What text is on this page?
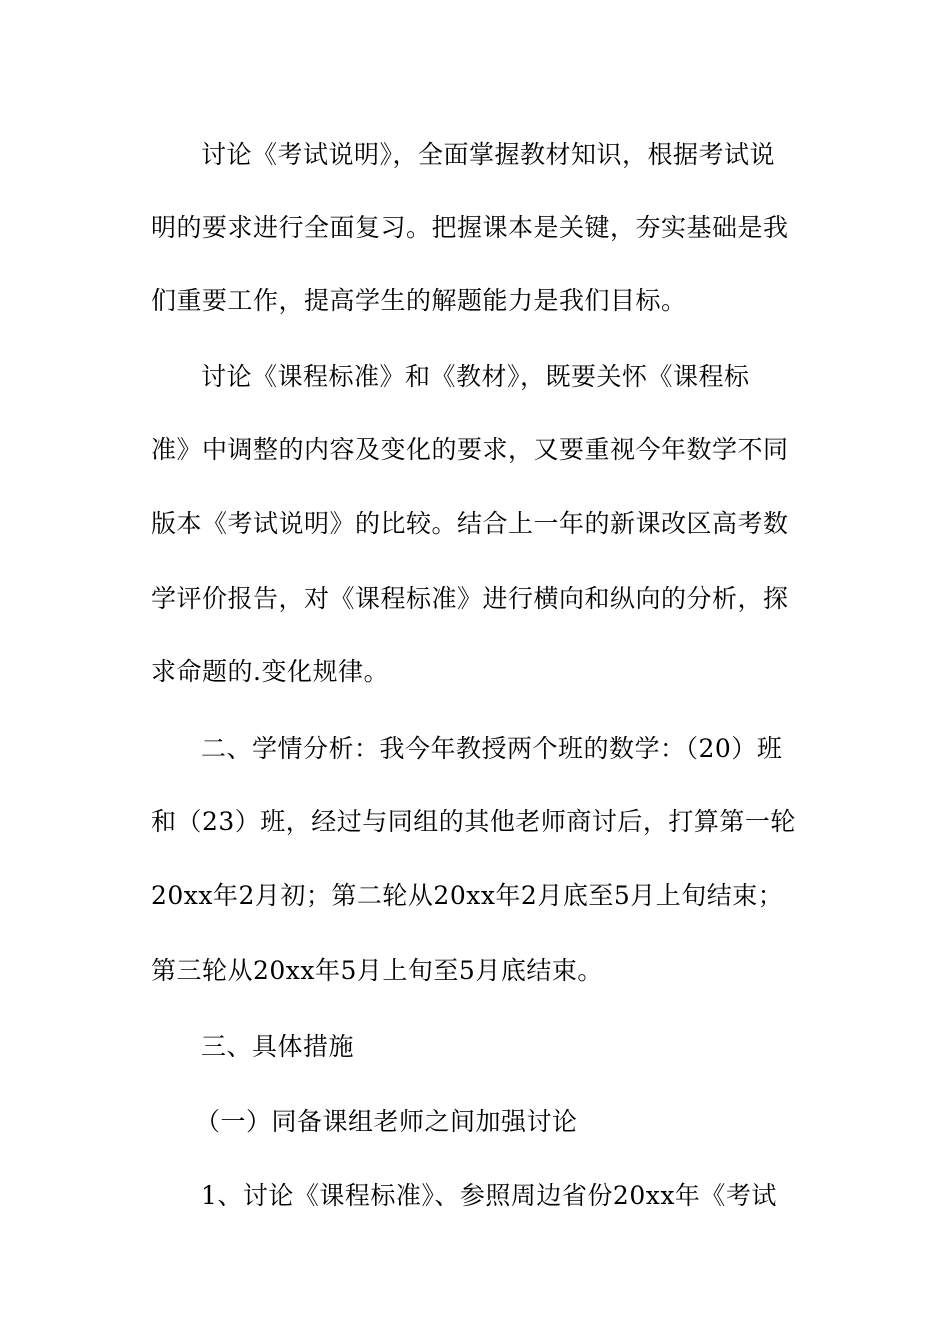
讨论《考试说明》，全面掌握教材知识，根据考试说
明的要求进行全面复习。把握课本是关键，夯实基础是我
们重要工作，提高学生的解题能力是我们目标。
讨论《课程标准》和《教材》，既要关怀《课程标
准》中调整的内容及变化的要求，又要重视今年数学不同
版本《考试说明》的比较。结合上一年的新课改区高考数
学评价报告，对《课程标准》进行横向和纵向的分析，探
求命题的.变化规律。
二、学情分析：我今年教授两个班的数学：（20）班
和（23）班，经过与同组的其他老师商讨后，打算第一轮
20xx年2月初；第二轮从20xx年2月底至5月上旬结束；
第三轮从20xx年5月上旬至5月底结束。
三、具体措施
（一）同备课组老师之间加强讨论
1、讨论《课程标准》、参照周边省份20xx年《考试
